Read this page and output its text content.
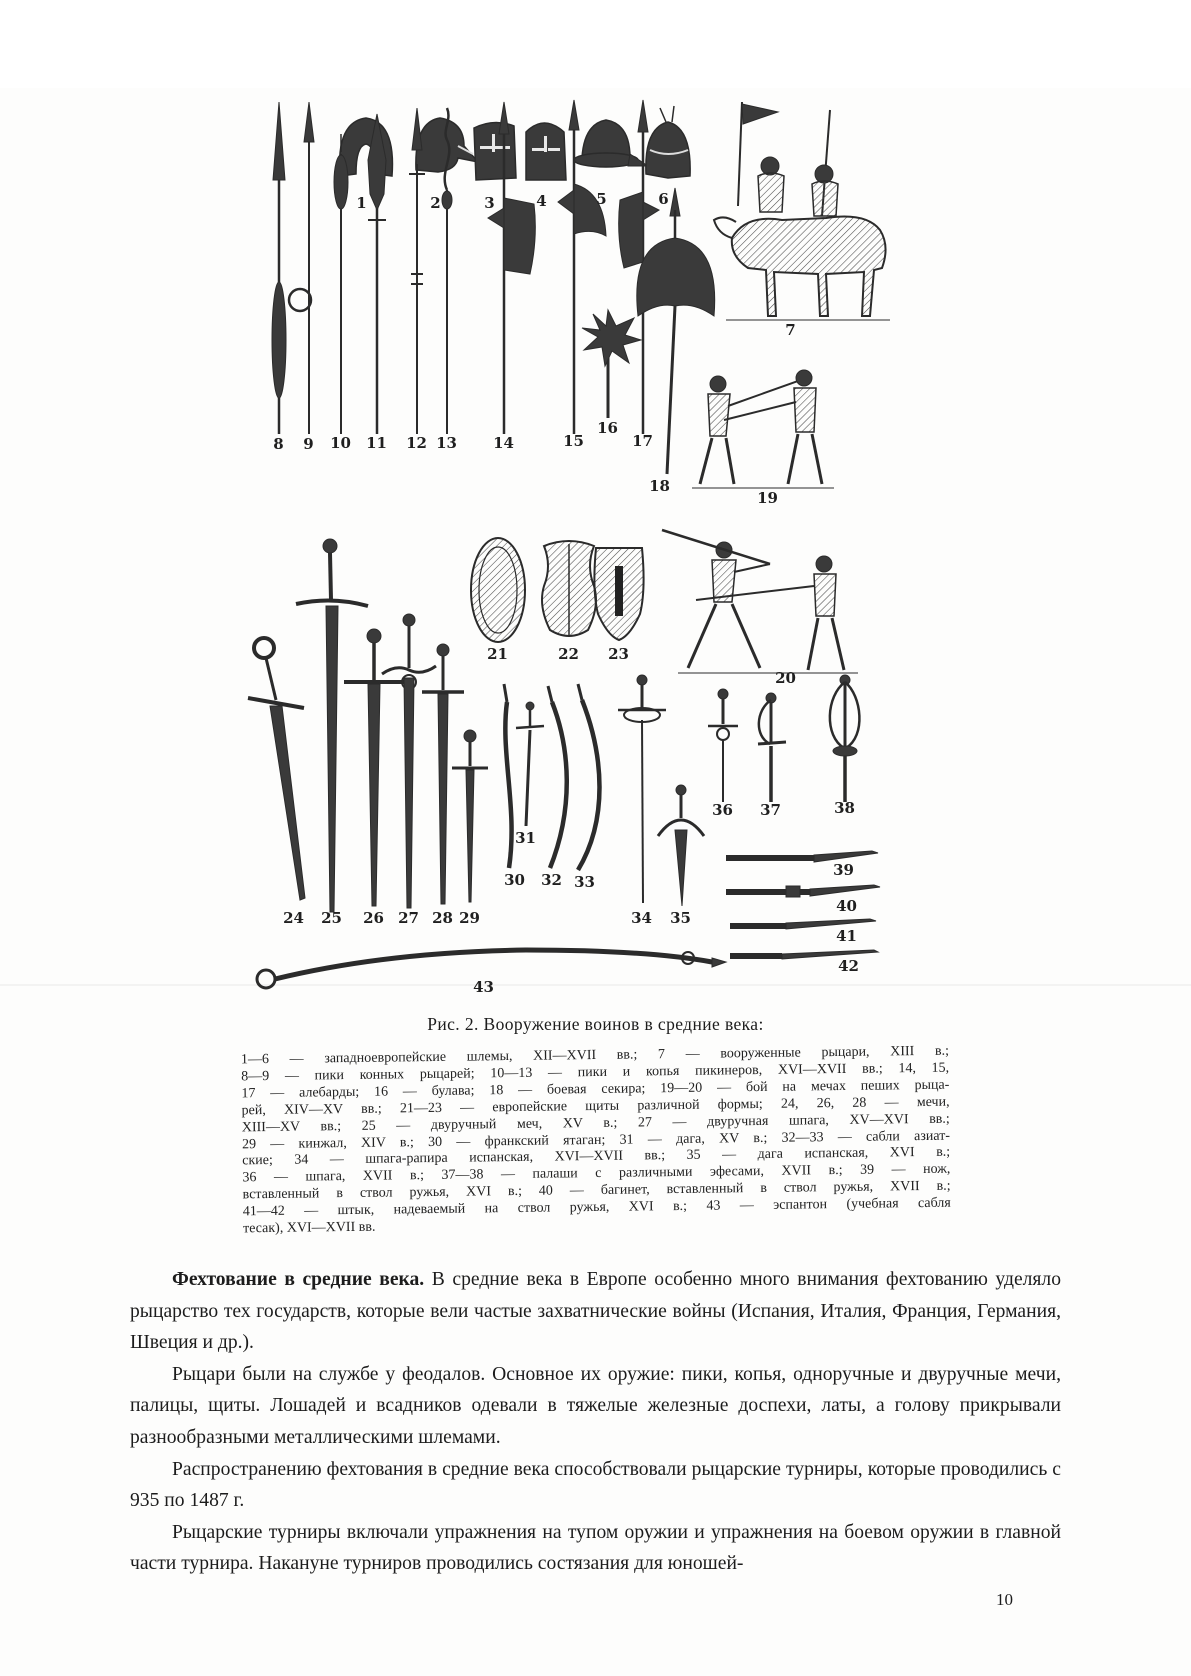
1	2	3	4	5	6
7
8 9 10 11 12 13 14	15
16
17
18
19
20
21	22 23
24 25 26 27 28 29
30
31
32 33
34 35
36 37	38
39
40
41
42
43
Рис. 2. Вооружение воинов в средние века:
1—6 — западноевропейские шлемы, XII—XVII вв.; 7 — вооруженные рыцари, XIII в.;
8—9 — пики конных рыцарей; 10—13 — пики и копья пикинеров, XVI—XVII вв.; 14, 15,
17 — алебарды; 16 — булава; 18 — боевая секира; 19—20 — бой на мечах пеших рыца-
рей, XIV—XV вв.; 21—23 — европейские щиты различной формы; 24, 26, 28 — мечи,
XIII—XV вв.; 25 — двуручный меч, XV в.; 27 — двуручная шпага, XV—XVI вв.;
29 — кинжал, XIV в.; 30 — франкский ятаган; 31 — дага, XV в.; 32—33 — сабли азиат-
ские; 34 — шпага-рапира испанская, XVI—XVII вв.; 35 — дага испанская, XVI в.;
36 — шпага, XVII в.; 37—38 — палаши с различными эфесами, XVII в.; 39 — нож,
вставленный в ствол ружья, XVI в.; 40 — багинет, вставленный в ствол ружья, XVII в.;
41—42 — штык, надеваемый на ствол ружья, XVI в.; 43 — эспантон (учебная сабля
тесак), XVI—XVII вв.

Фехтование в средние века. В средние века в Европе особенно много внимания фехтованию уделяло рыцарство тех государств, которые вели частые захватнические войны (Испания, Италия, Франция, Германия, Швеция и др.).

Рыцари были на службе у феодалов. Основное их оружие: пики, копья, одноручные и двуручные мечи, палицы, щиты. Лошадей и всадников одевали в тяжелые железные доспехи, латы, а голову прикрывали разнообразными металлическими шлемами.

Распространению фехтования в средние века способствовали рыцарские турниры, которые проводились с 935 по 1487 г.

Рыцарские турниры включали упражнения на тупом оружии и упражнения на боевом оружии в главной части турнира. Накануне турниров проводились состязания для юношей-

10
